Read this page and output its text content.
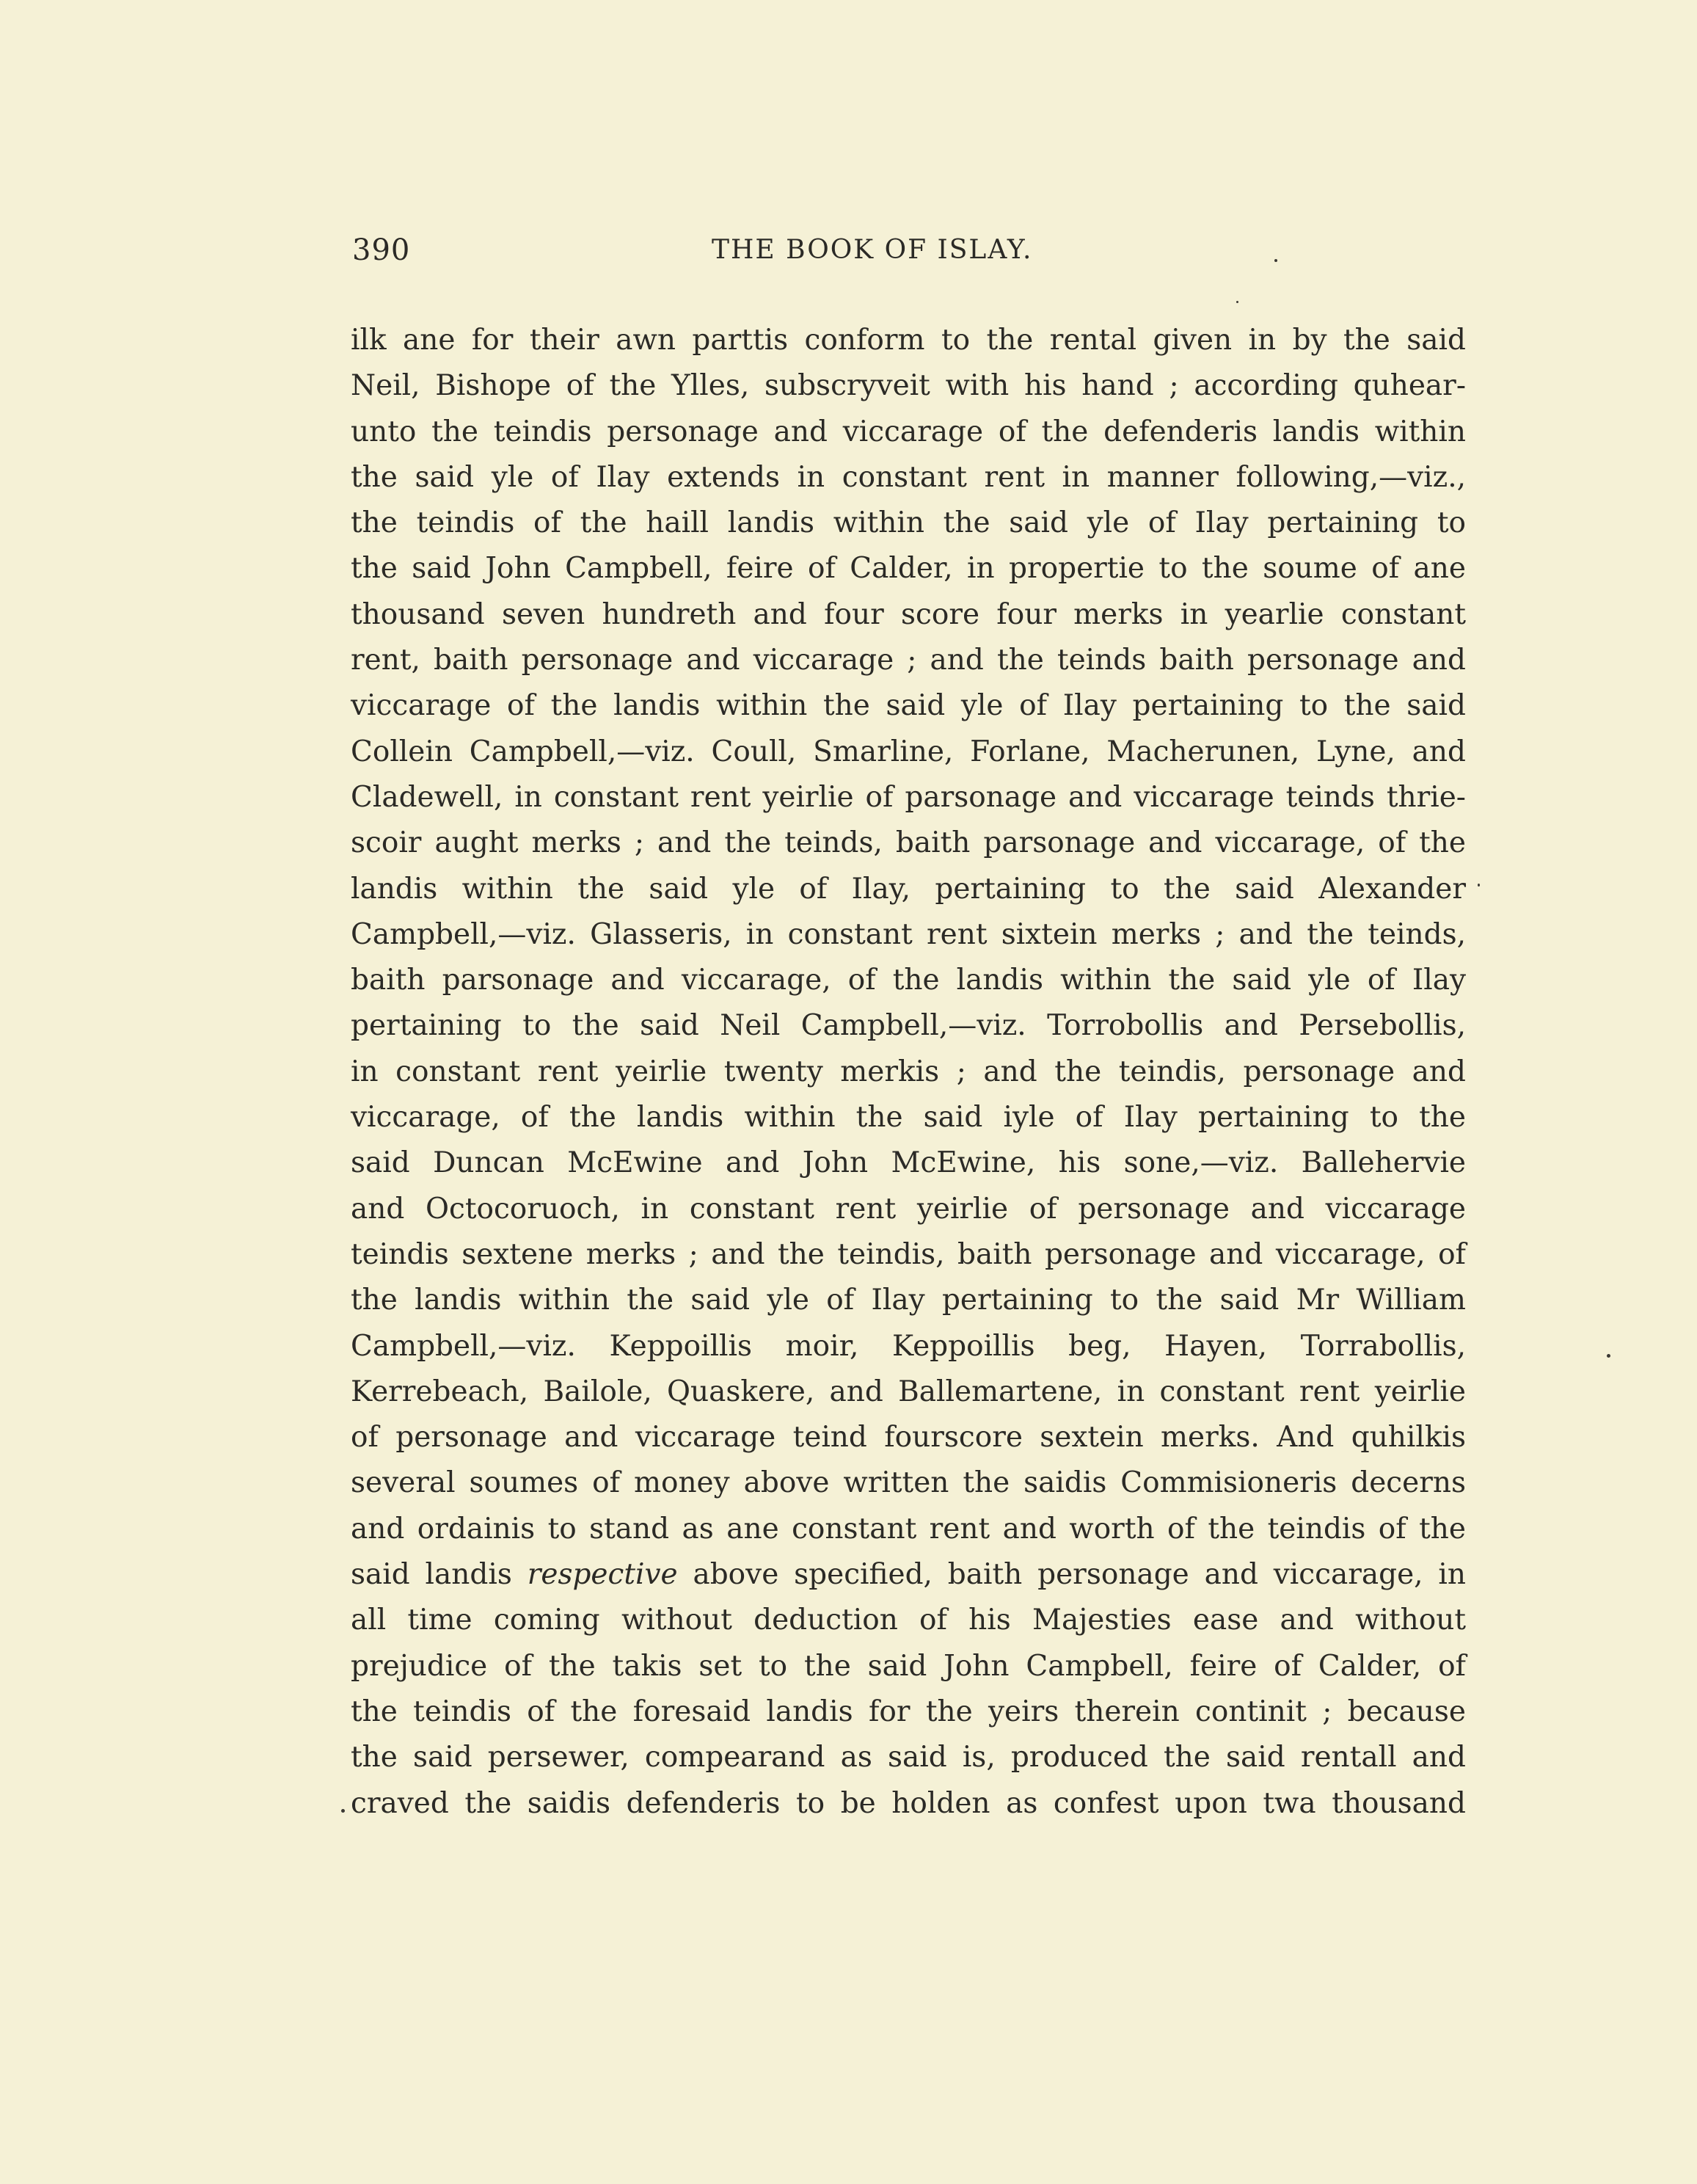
390	THE BOOK OF ISLAY.
ilk ane for their awn parttis conform to the rental given in by the said
Neil, Bishope of the Ylles, subscryveit with his hand ; according quhear-
unto the teindis personage and viccarage of the defenderis landis within
the said yle of Ilay extends in constant rent in manner following,—viz.,
the teindis of the haill landis within the said yle of Ilay pertaining to
the said John Campbell, feire of Calder, in propertie to the soume of ane
thousand seven hundreth and four score four merks in yearlie constant
rent, baith personage and viccarage ; and the teinds baith personage and
viccarage of the landis within the said yle of Ilay pertaining to the said
Collein Campbell,—viz. Coull, Smarline, Forlane, Macherunen, Lyne, and
Cladewell, in constant rent yeirlie of parsonage and viccarage teinds thrie-
scoir aught merks ; and the teinds, baith parsonage and viccarage, of the
landis within the said yle of Ilay, pertaining to the said Alexander
Campbell,—viz. Glasseris, in constant rent sixtein merks ; and the teinds,
baith parsonage and viccarage, of the landis within the said yle of Ilay
pertaining to the said Neil Campbell,—viz. Torrobollis and Persebollis,
in constant rent yeirlie twenty merkis ; and the teindis, personage and
viccarage, of the landis within the said iyle of Ilay pertaining to the
said Duncan McEwine and John McEwine, his sone,—viz. Ballehervie
and Octocoruoch, in constant rent yeirlie of personage and viccarage
teindis sextene merks ; and the teindis, baith personage and viccarage, of
the landis within the said yle of Ilay pertaining to the said Mr William
Campbell,—viz. Keppoillis moir, Keppoillis beg, Hayen, Torrabollis,
Kerrebeach, Bailole, Quaskere, and Ballemartene, in constant rent yeirlie
of personage and viccarage teind fourscore sextein merks. And quhilkis
several soumes of money above written the saidis Commisioneris decerns
and ordainis to stand as ane constant rent and worth of the teindis of the
said landis respective above specified, baith personage and viccarage, in
all time coming without deduction of his Majesties ease and without
prejudice of the takis set to the said John Campbell, feire of Calder, of
the teindis of the foresaid landis for the yeirs therein continit ; because
the said persewer, compearand as said is, produced the said rentall and
craved the saidis defenderis to be holden as confest upon twa thousand
